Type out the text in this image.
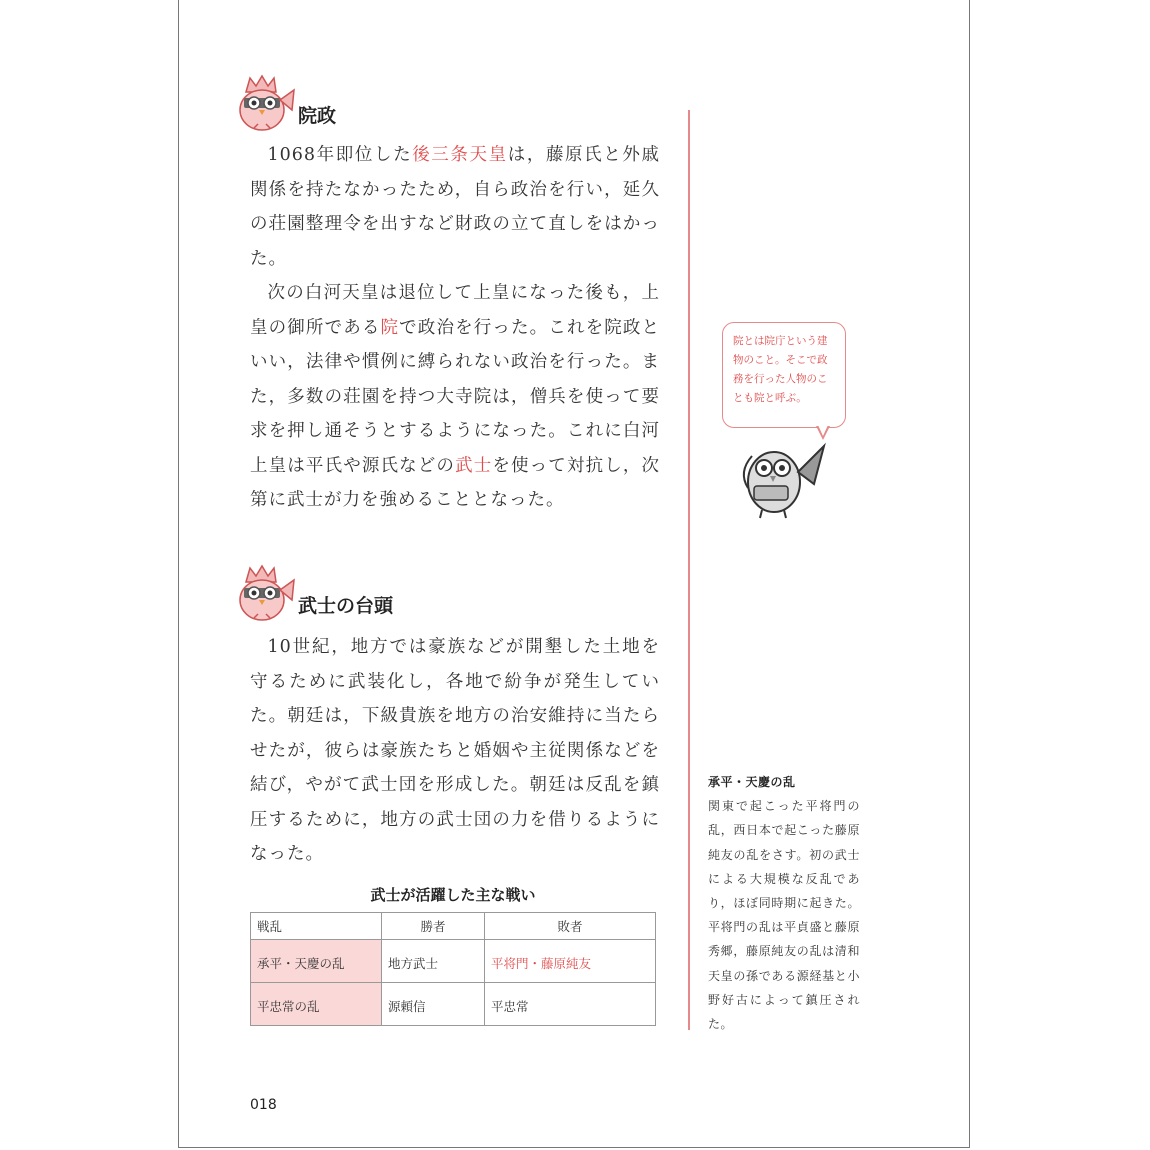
院政

1068年即位した後三条天皇は，藤原氏と外戚関係を持たなかったため，自ら政治を行い，延久の荘園整理令を出すなど財政の立て直しをはかった。

次の白河天皇は退位して上皇になった後も，上皇の御所である院で政治を行った。これを院政といい，法律や慣例に縛られない政治を行った。また，多数の荘園を持つ大寺院は，僧兵を使って要求を押し通そうとするようになった。これに白河上皇は平氏や源氏などの武士を使って対抗し，次第に武士が力を強めることとなった。

院とは院庁という建物のこと。そこで政務を行った人物のことも院と呼ぶ。
武士の台頭

10世紀，地方では豪族などが開墾した土地を守るために武装化し，各地で紛争が発生していた。朝廷は，下級貴族を地方の治安維持に当たらせたが，彼らは豪族たちと婚姻や主従関係などを結び，やがて武士団を形成した。朝廷は反乱を鎮圧するために，地方の武士団の力を借りるようになった。

武士が活躍した主な戦い
戦乱	勝者	敗者
承平・天慶の乱	地方武士	平将門・藤原純友
平忠常の乱	源頼信	平忠常
承平・天慶の乱
関東で起こった平将門の乱，西日本で起こった藤原純友の乱をさす。初の武士による大規模な反乱であり，ほぼ同時期に起きた。平将門の乱は平貞盛と藤原秀郷，藤原純友の乱は清和天皇の孫である源経基と小野好古によって鎮圧された。
018
